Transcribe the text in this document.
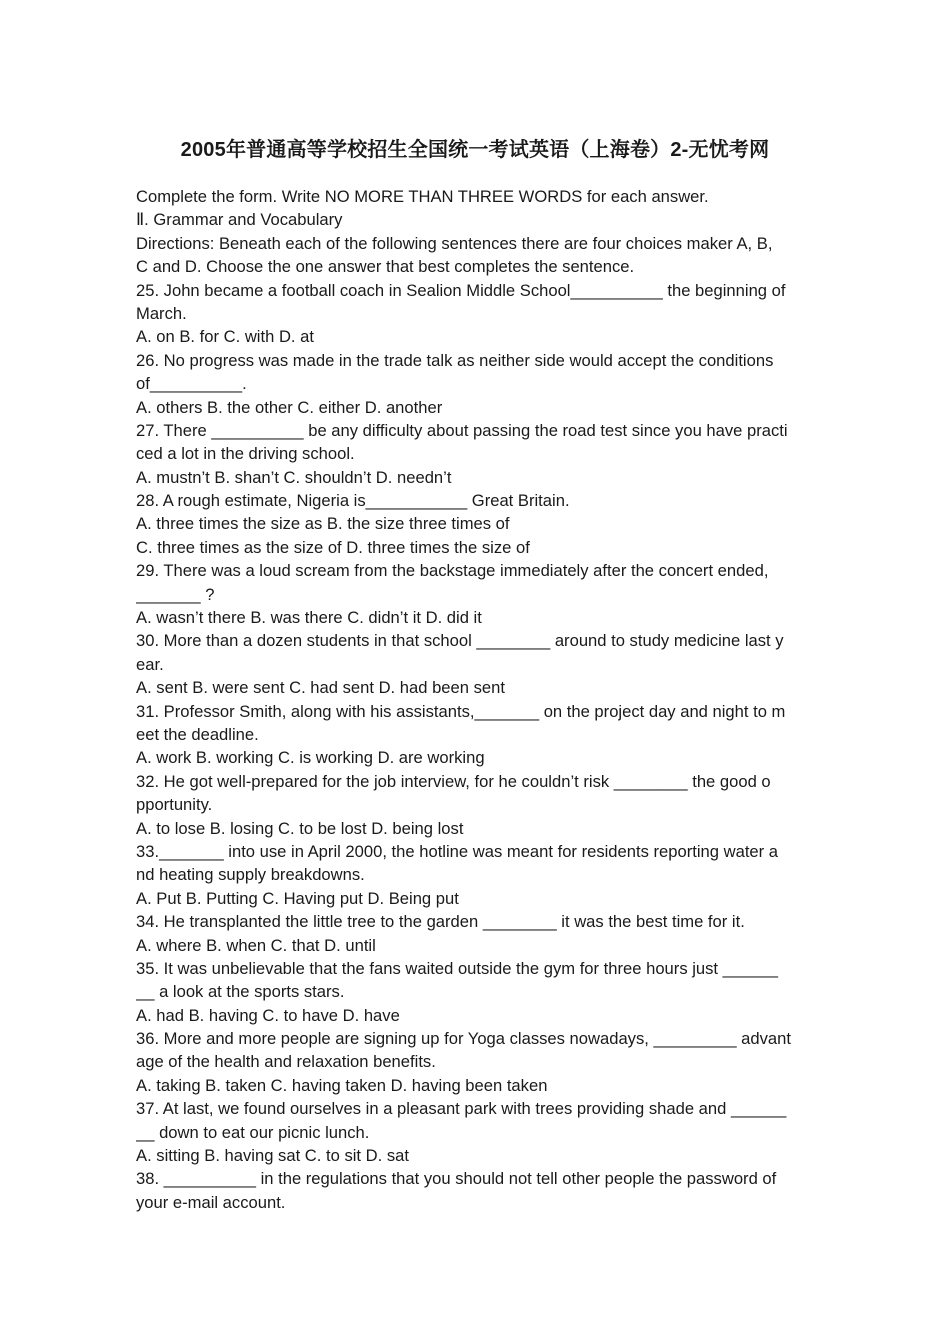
2005年普通高等学校招生全国统一考试英语（上海卷）2-无忧考网
Complete the form. Write NO MORE THAN THREE WORDS for each answer.
Ⅱ. Grammar and Vocabulary
Directions: Beneath each of the following sentences there are four choices maker A, B,
C and D. Choose the one answer that best completes the sentence.
25. John became a football coach in Sealion Middle School__________ the beginning of
March.
A. on B. for C. with D. at
26. No progress was made in the trade talk as neither side would accept the conditions
of__________.
A. others B. the other C. either D. another
27. There __________ be any difficulty about passing the road test since you have practi
ced a lot in the driving school.
A. mustn’t B. shan’t C. shouldn’t D. needn’t
28. A rough estimate, Nigeria is___________ Great Britain.
A. three times the size as B. the size three times of
C. three times as the size of D. three times the size of
29. There was a loud scream from the backstage immediately after the concert ended,
_______ ?
A. wasn’t there B. was there C. didn’t it D. did it
30. More than a dozen students in that school ________ around to study medicine last y
ear.
A. sent B. were sent C. had sent D. had been sent
31. Professor Smith, along with his assistants,_______ on the project day and night to m
eet the deadline.
A. work B. working C. is working D. are working
32. He got well-prepared for the job interview, for he couldn’t risk ________ the good o
pportunity.
A. to lose B. losing C. to be lost D. being lost
33._______ into use in April 2000, the hotline was meant for residents reporting water a
nd heating supply breakdowns.
A. Put B. Putting C. Having put D. Being put
34. He transplanted the little tree to the garden ________ it was the best time for it.
A. where B. when C. that D. until
35. It was unbelievable that the fans waited outside the gym for three hours just ______
__ a look at the sports stars.
A. had B. having C. to have D. have
36. More and more people are signing up for Yoga classes nowadays, _________ advant
age of the health and relaxation benefits.
A. taking B. taken C. having taken D. having been taken
37. At last, we found ourselves in a pleasant park with trees providing shade and ______
__ down to eat our picnic lunch.
A. sitting B. having sat C. to sit D. sat
38. __________ in the regulations that you should not tell other people the password of
your e-mail account.
